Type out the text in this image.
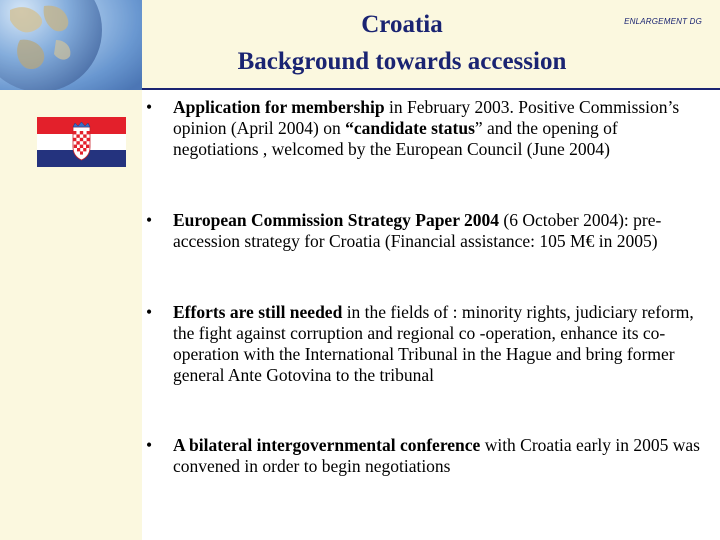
Croatia
Background towards accession
ENLARGEMENT DG
• Application for membership in February 2003. Positive Commission’s opinion (April 2004) on “candidate status” and the opening of negotiations , welcomed by the European Council (June 2004)
• European Commission Strategy Paper 2004 (6 October 2004): pre-accession strategy for Croatia (Financial assistance: 105 M€ in 2005)
• Efforts are still needed in the fields of : minority rights, judiciary reform, the fight against corruption and regional co -operation, enhance its co-operation with the International Tribunal in the Hague and bring former general Ante Gotovina to the tribunal
• A bilateral intergovernmental conference with Croatia early in 2005 was convened in order to begin negotiations
